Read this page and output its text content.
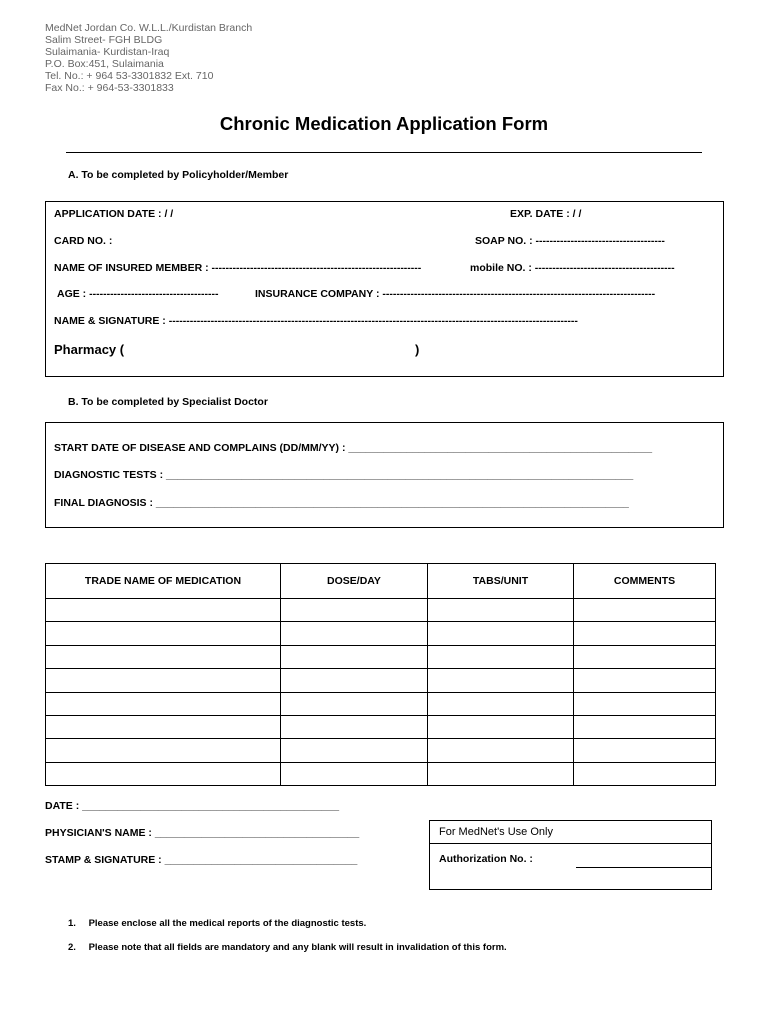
MedNet Jordan Co. W.L.L./Kurdistan Branch
Salim Street- FGH BLDG
Sulaimania- Kurdistan-Iraq
P.O. Box:451, Sulaimania
Tel. No.: + 964 53-3301832 Ext. 710
Fax No.: + 964-53-3301833
Chronic Medication Application Form
A. To be completed by Policyholder/Member
APPLICATION DATE : / /	EXP. DATE : / /
CARD NO. :	SOAP NO. : -------------------------------------
NAME OF INSURED MEMBER : ------------------------------------------------------------	mobile NO. : ----------------------------------------
AGE : -------------------------------------	INSURANCE COMPANY : ------------------------------------------------------------------------------
NAME & SIGNATURE : ---------------------------------------------------------------------------------------------------------------------
Pharmacy (	)
B. To be completed by Specialist Doctor
START DATE OF DISEASE AND COMPLAINS (DD/MM/YY) : ____________________________________________________
DIAGNOSTIC TESTS : ________________________________________________________________________________
FINAL DIAGNOSIS : _________________________________________________________________________________
TRADE NAME OF MEDICATION	DOSE/DAY	TABS/UNIT	COMMENTS

DATE : ____________________________________________
PHYSICIAN'S NAME : ___________________________________
STAMP & SIGNATURE : _________________________________
For MedNet's Use Only
Authorization No. :
1. Please enclose all the medical reports of the diagnostic tests.
2. Please note that all fields are mandatory and any blank will result in invalidation of this form.
